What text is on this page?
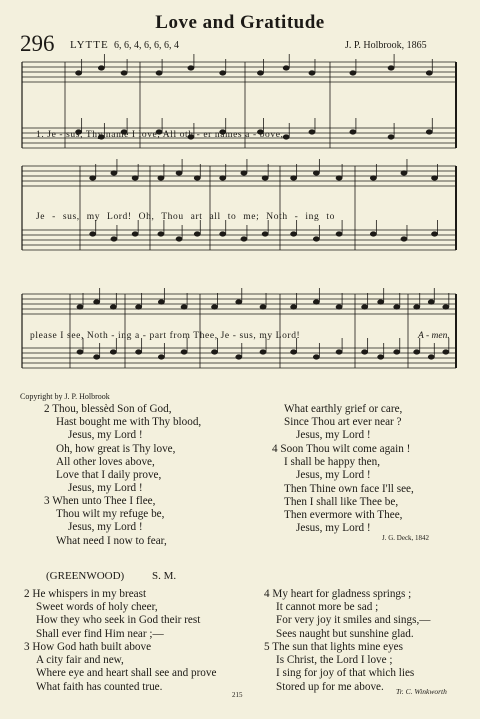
Love and Gratitude
296 LYTTE 6, 6, 4, 6, 6, 6, 4	J. P. Holbrook, 1865
1. Je - sus, Thy name I love, All oth - er names a - bove,
Je - sus, my Lord! Oh, Thou art all to me; Noth - ing to
please I see, Noth - ing a - part from Thee, Je - sus, my Lord!	A - men.
Copyright by J. P. Holbrook
2 Thou, blessèd Son of God,
Hast bought me with Thy blood,
Jesus, my Lord !
Oh, how great is Thy love,
All other loves above,
Love that I daily prove,
Jesus, my Lord !
3 When unto Thee I flee,
Thou wilt my refuge be,
Jesus, my Lord !
What need I now to fear,
What earthly grief or care,
Since Thou art ever near ?
Jesus, my Lord !
4 Soon Thou wilt come again !
I shall be happy then,
Jesus, my Lord !
Then Thine own face I'll see,
Then I shall like Thee be,
Then evermore with Thee,
Jesus, my Lord !
J. G. Deck, 1842
(GREENWOOD)	S. M.
2 He whispers in my breast
Sweet words of holy cheer,
How they who seek in God their rest
Shall ever find Him near ;—
3 How God hath built above
A city fair and new,
Where eye and heart shall see and prove
What faith has counted true.
4 My heart for gladness springs ;
It cannot more be sad ;
For very joy it smiles and sings,—
Sees naught but sunshine glad.
5 The sun that lights mine eyes
Is Christ, the Lord I love ;
I sing for joy of that which lies
Stored up for me above.	Tr. C. Winkworth
215
